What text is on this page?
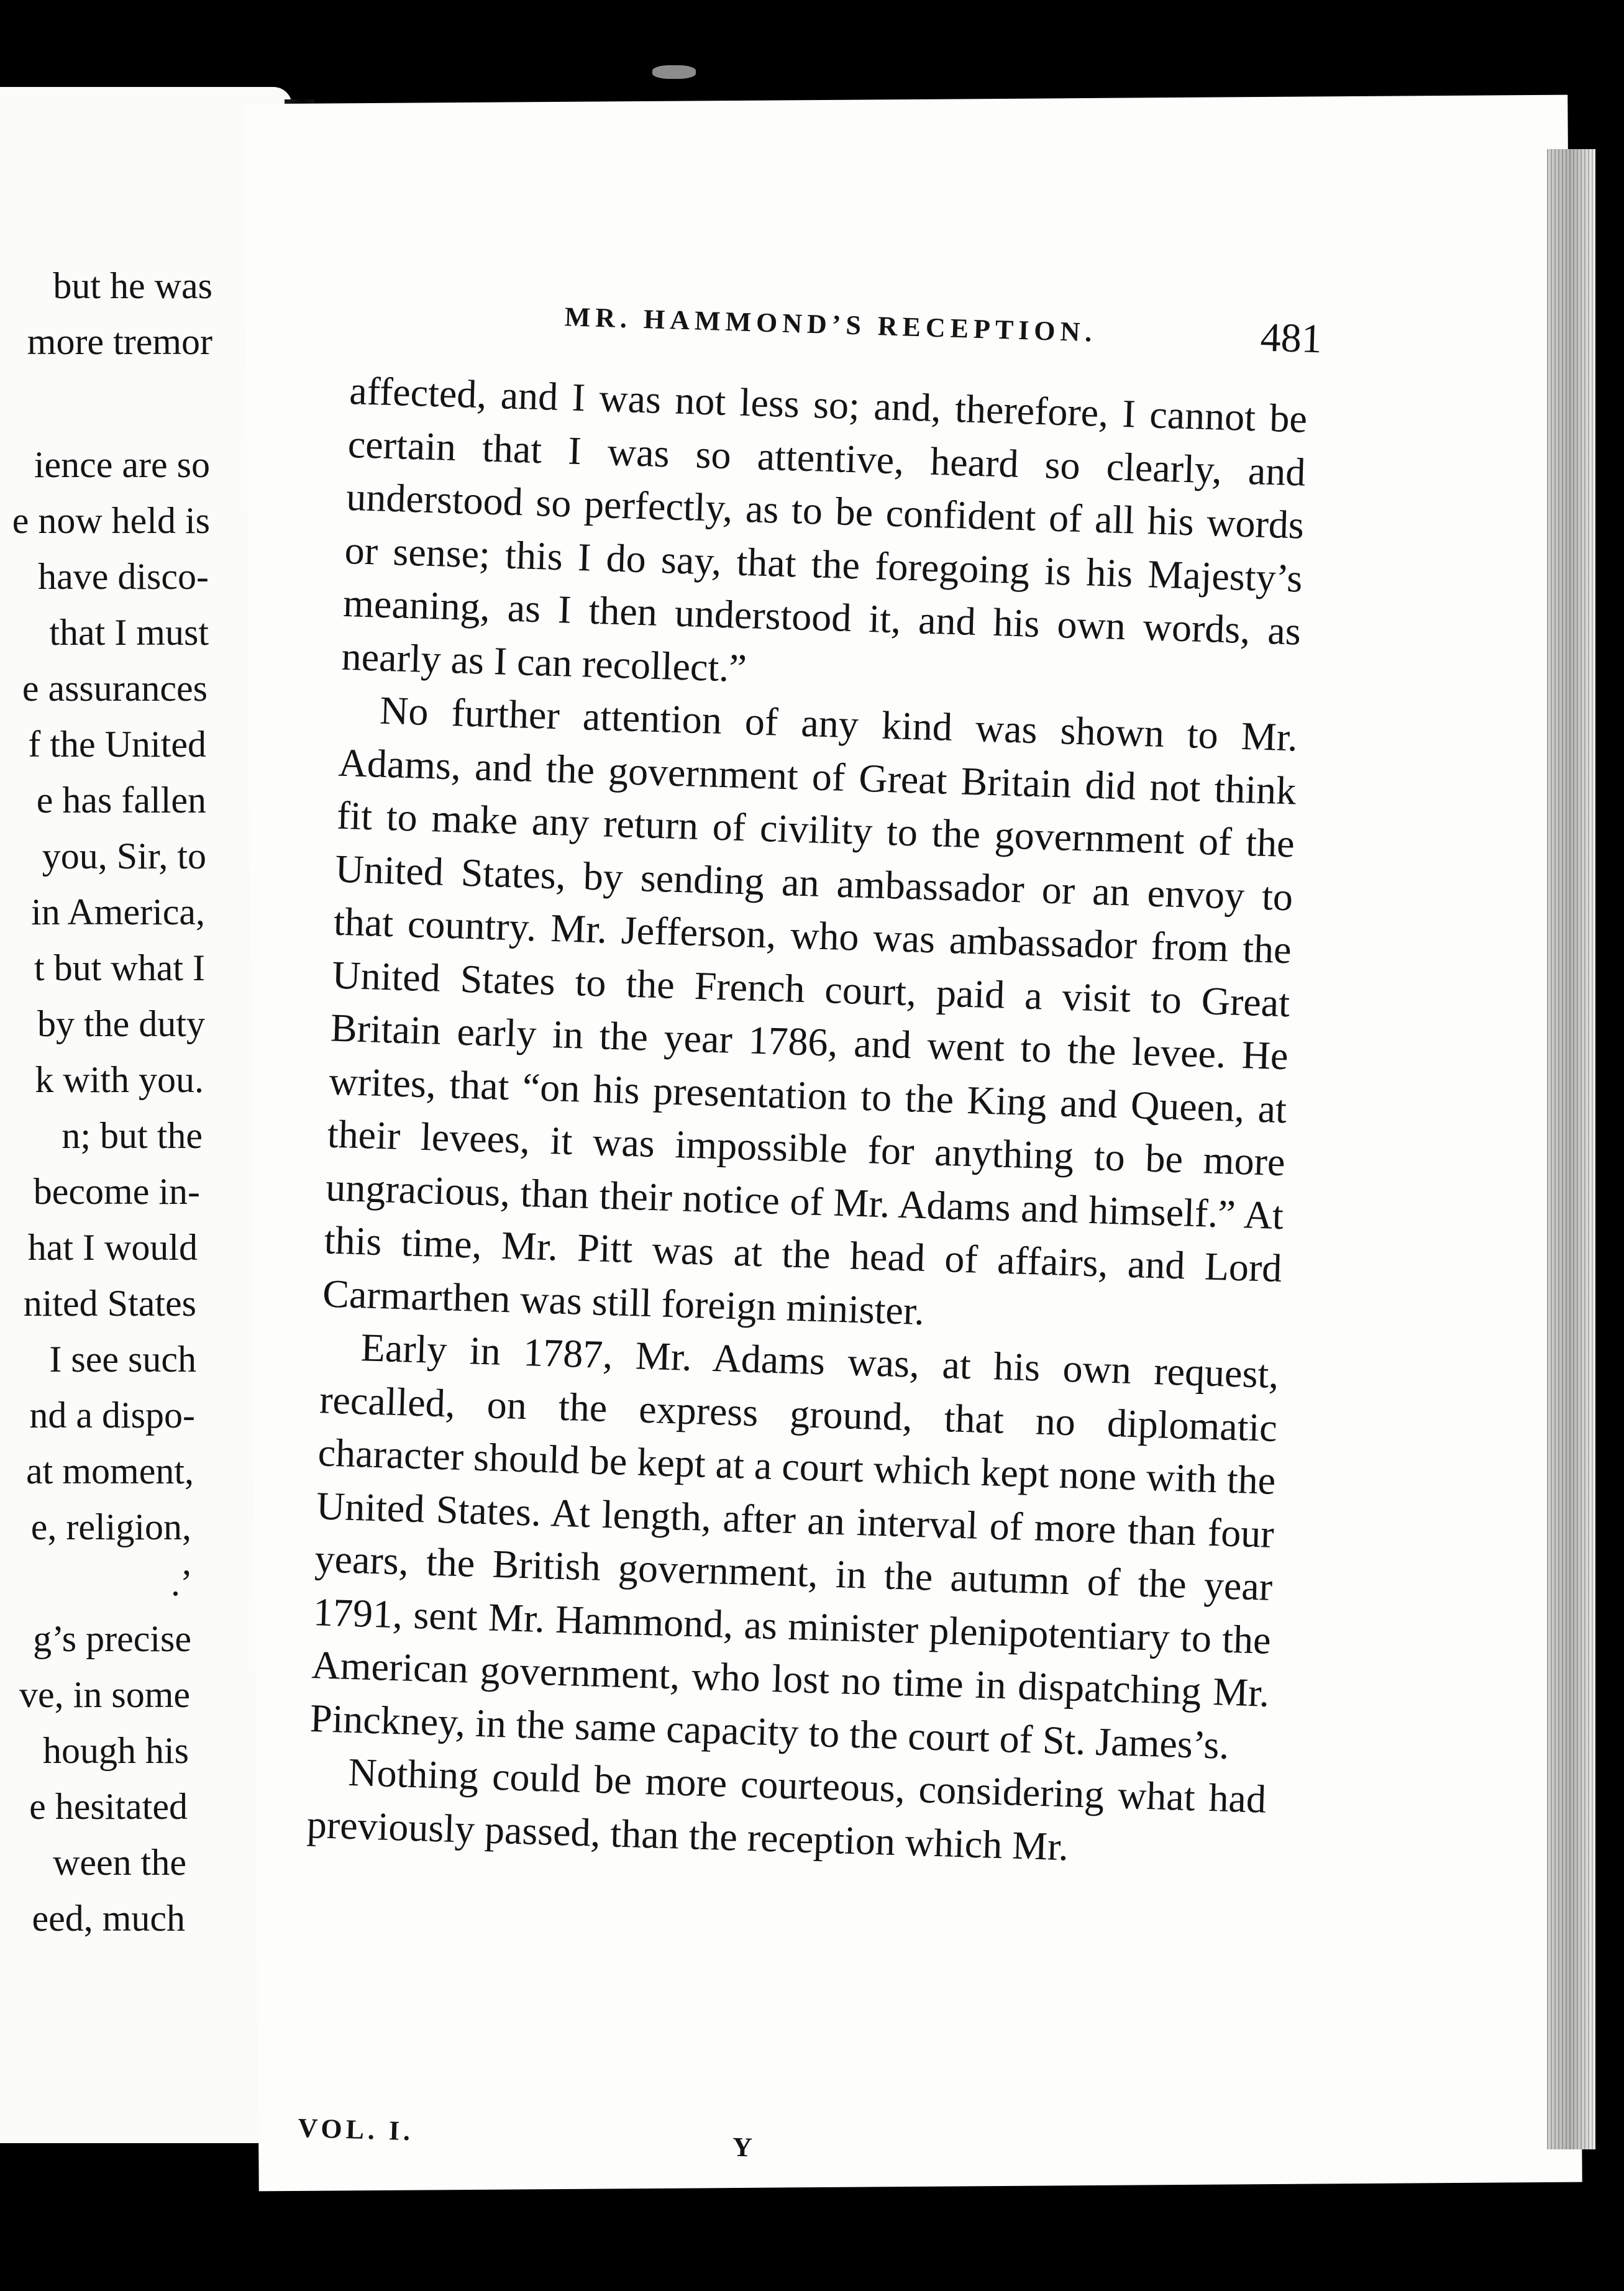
but he was
more tremor
ience are so
e now held is
have disco-
that I must
e assurances
f the United
e has fallen
you, Sir, to
in America,
t but what I
by the duty
k with you.
n; but the
become in-
hat I would
nited States
I see such
nd a dispo-
at moment,
e, religion,
.’
g’s precise
ve, in some
hough his
e hesitated
ween the
eed, much
MR. HAMMOND’S RECEPTION.	481

affected, and I was not less so; and, therefore, I cannot be certain that I was so attentive, heard so clearly, and understood so perfectly, as to be confident of all his words or sense; this I do say, that the foregoing is his Majesty’s meaning, as I then understood it, and his own words, as nearly as I can recollect.”

No further attention of any kind was shown to Mr. Adams, and the government of Great Britain did not think fit to make any return of civility to the government of the United States, by sending an ambassador or an envoy to that country. Mr. Jefferson, who was ambassador from the United States to the French court, paid a visit to Great Britain early in the year 1786, and went to the levee. He writes, that “on his presentation to the King and Queen, at their levees, it was impossible for anything to be more ungracious, than their notice of Mr. Adams and himself.” At this time, Mr. Pitt was at the head of affairs, and Lord Carmarthen was still foreign minister.

Early in 1787, Mr. Adams was, at his own request, recalled, on the express ground, that no diplomatic character should be kept at a court which kept none with the United States. At length, after an interval of more than four years, the British government, in the autumn of the year 1791, sent Mr. Hammond, as minister plenipotentiary to the American government, who lost no time in dispatching Mr. Pinckney, in the same capacity to the court of St. James’s.

Nothing could be more courteous, considering what had previously passed, than the reception which Mr.

VOL. I.
Y
